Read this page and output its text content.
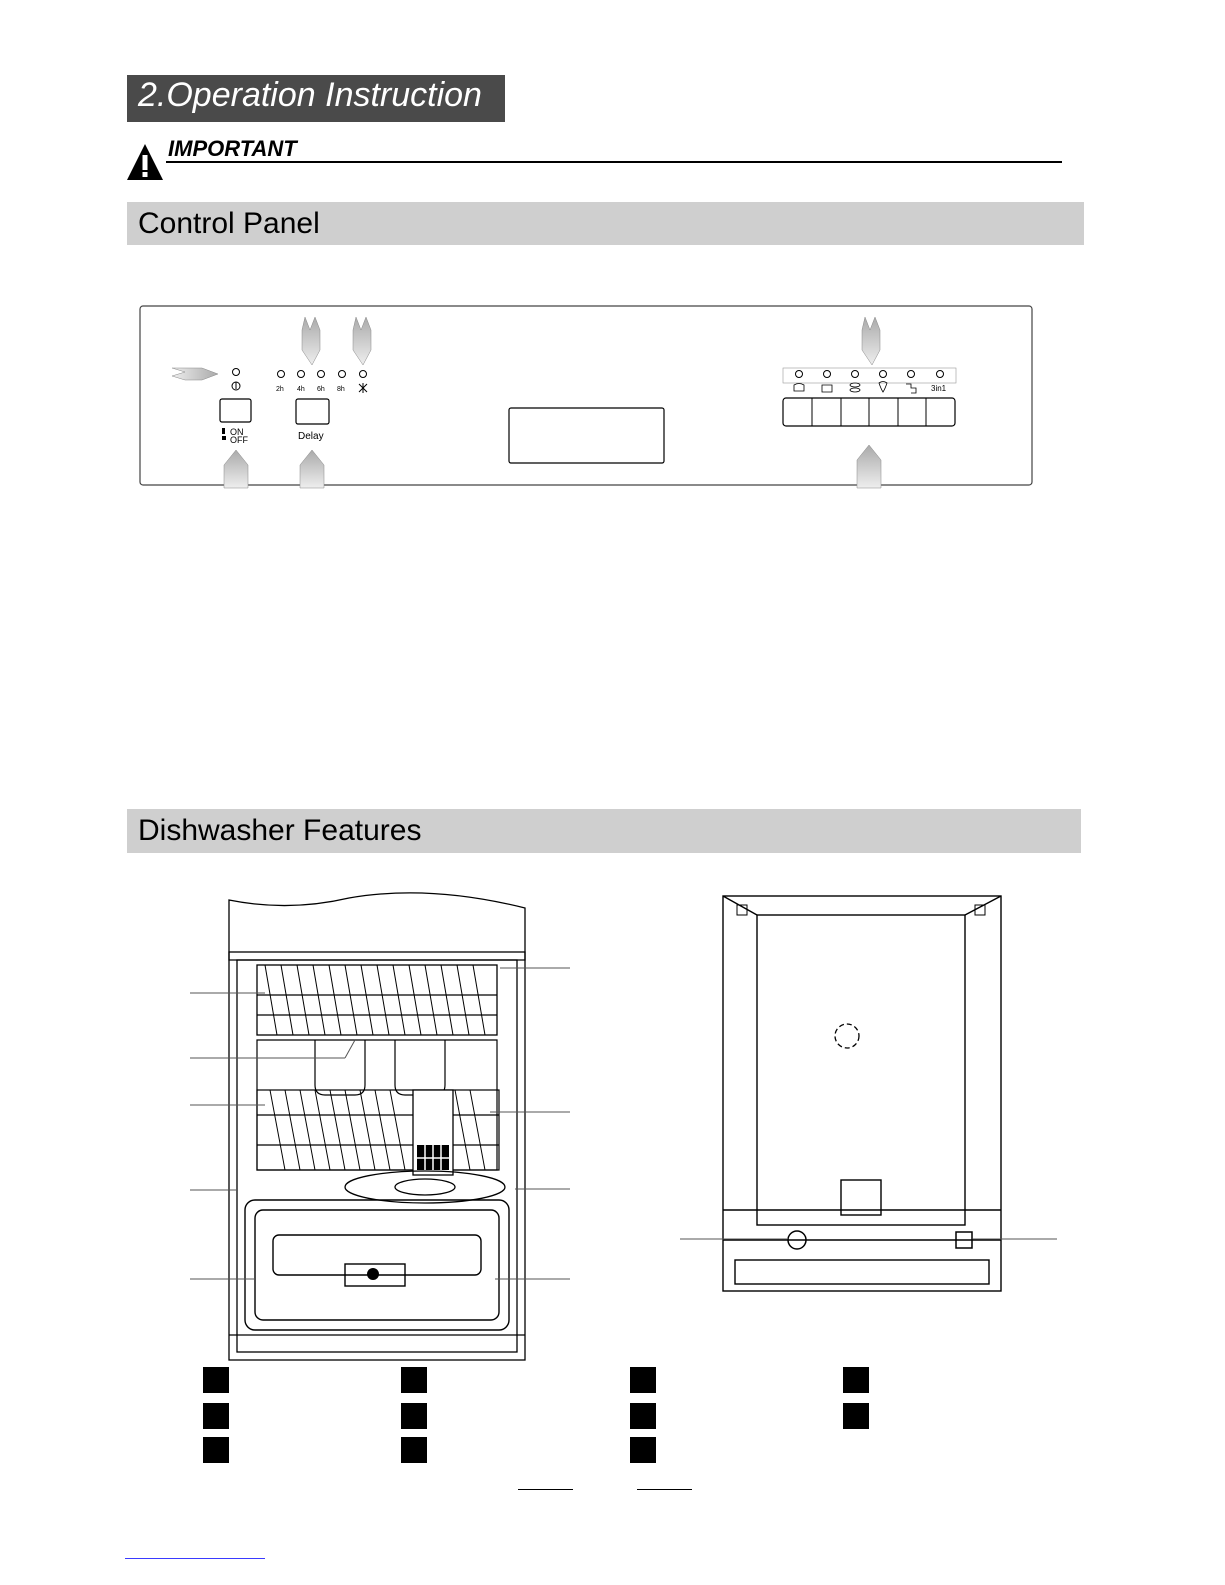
2.Operation Instruction
IMPORTANT
Control Panel
ON
OFF
2h 4h 6h 8h
Delay
3in1
Dishwasher Features
